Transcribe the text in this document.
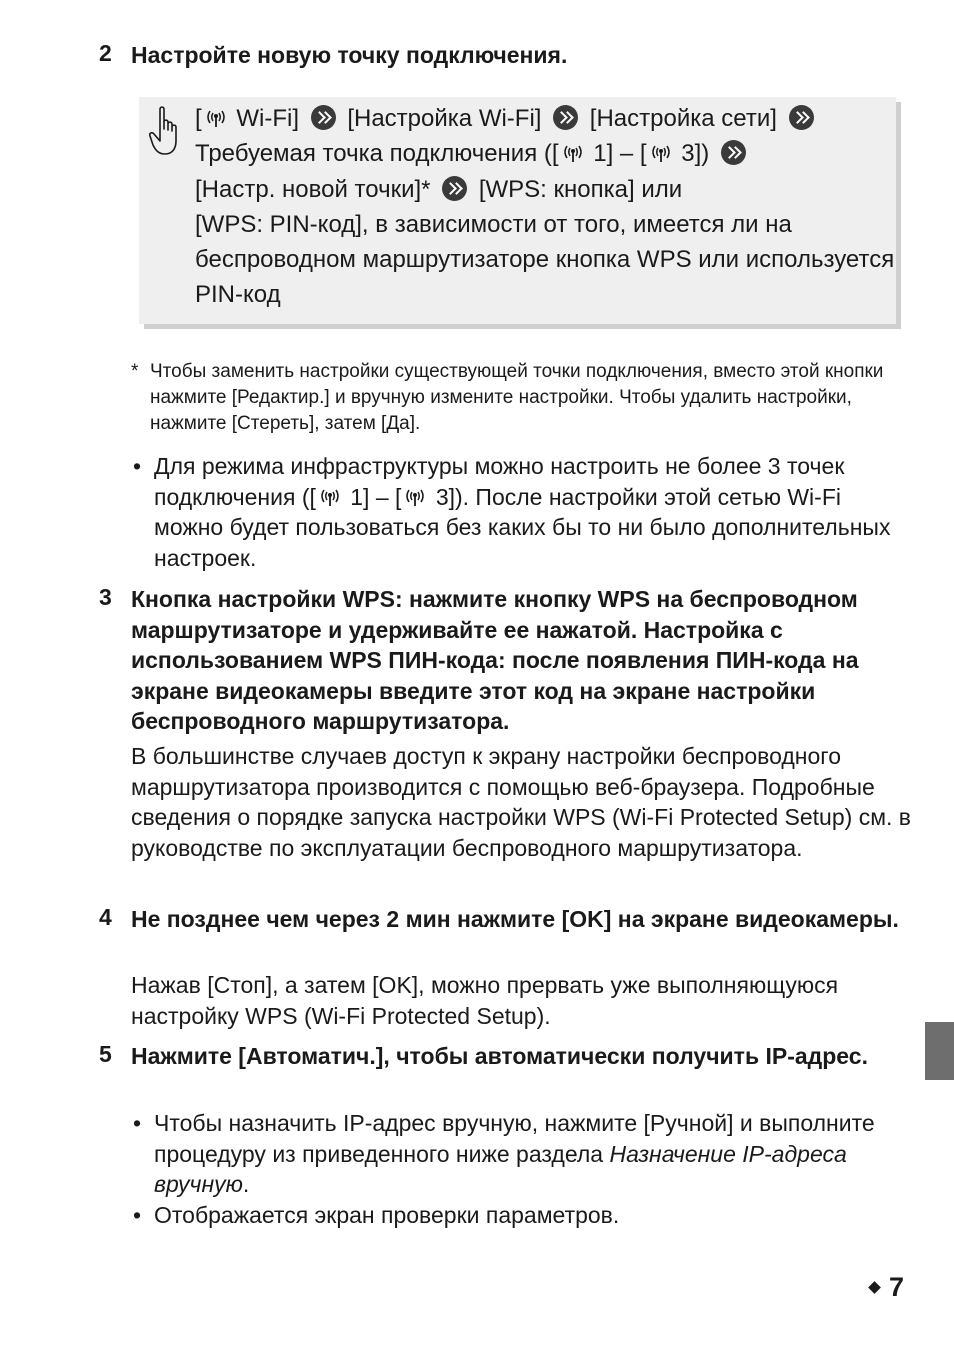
2 Настройте новую точку подключения.
[ Wi-Fi] [Настройка Wi-Fi] [Настройка сети]  Требуемая точка подключения ([ 1] – [ 3])
[Настр. новой точки]* [WPS: кнопка] или
[WPS: PIN-код], в зависимости от того, имеется ли на беспроводном маршрутизаторе кнопка WPS или используется PIN-код
* Чтобы заменить настройки существующей точки подключения, вместо этой кнопки нажмите [Редактир.] и вручную измените настройки. Чтобы удалить настройки, нажмите [Стереть], затем [Да].
• Для режима инфраструктуры можно настроить не более 3 точек подключения ([ 1] – [ 3]). После настройки этой сетью Wi-Fi можно будет пользоваться без каких бы то ни было дополнительных настроек.
3 Кнопка настройки WPS: нажмите кнопку WPS на беспроводном маршрутизаторе и удерживайте ее нажатой. Настройка с использованием WPS ПИН-кода: после появления ПИН-кода на экране видеокамеры введите этот код на экране настройки беспроводного маршрутизатора.
В большинстве случаев доступ к экрану настройки беспроводного маршрутизатора производится с помощью веб-браузера. Подробные сведения о порядке запуска настройки WPS (Wi-Fi Protected Setup) см. в руководстве по эксплуатации беспроводного маршрутизатора.
4 Не позднее чем через 2 мин нажмите [OK] на экране видеокамеры.
Нажав [Стоп], а затем [OK], можно прервать уже выполняющуюся настройку WPS (Wi-Fi Protected Setup).
5 Нажмите [Автоматич.], чтобы автоматически получить IP-адрес.
• Чтобы назначить IP-адрес вручную, нажмите [Ручной] и выполните процедуру из приведенного ниже раздела Назначение IP-адреса вручную.
• Отображается экран проверки параметров.
7
